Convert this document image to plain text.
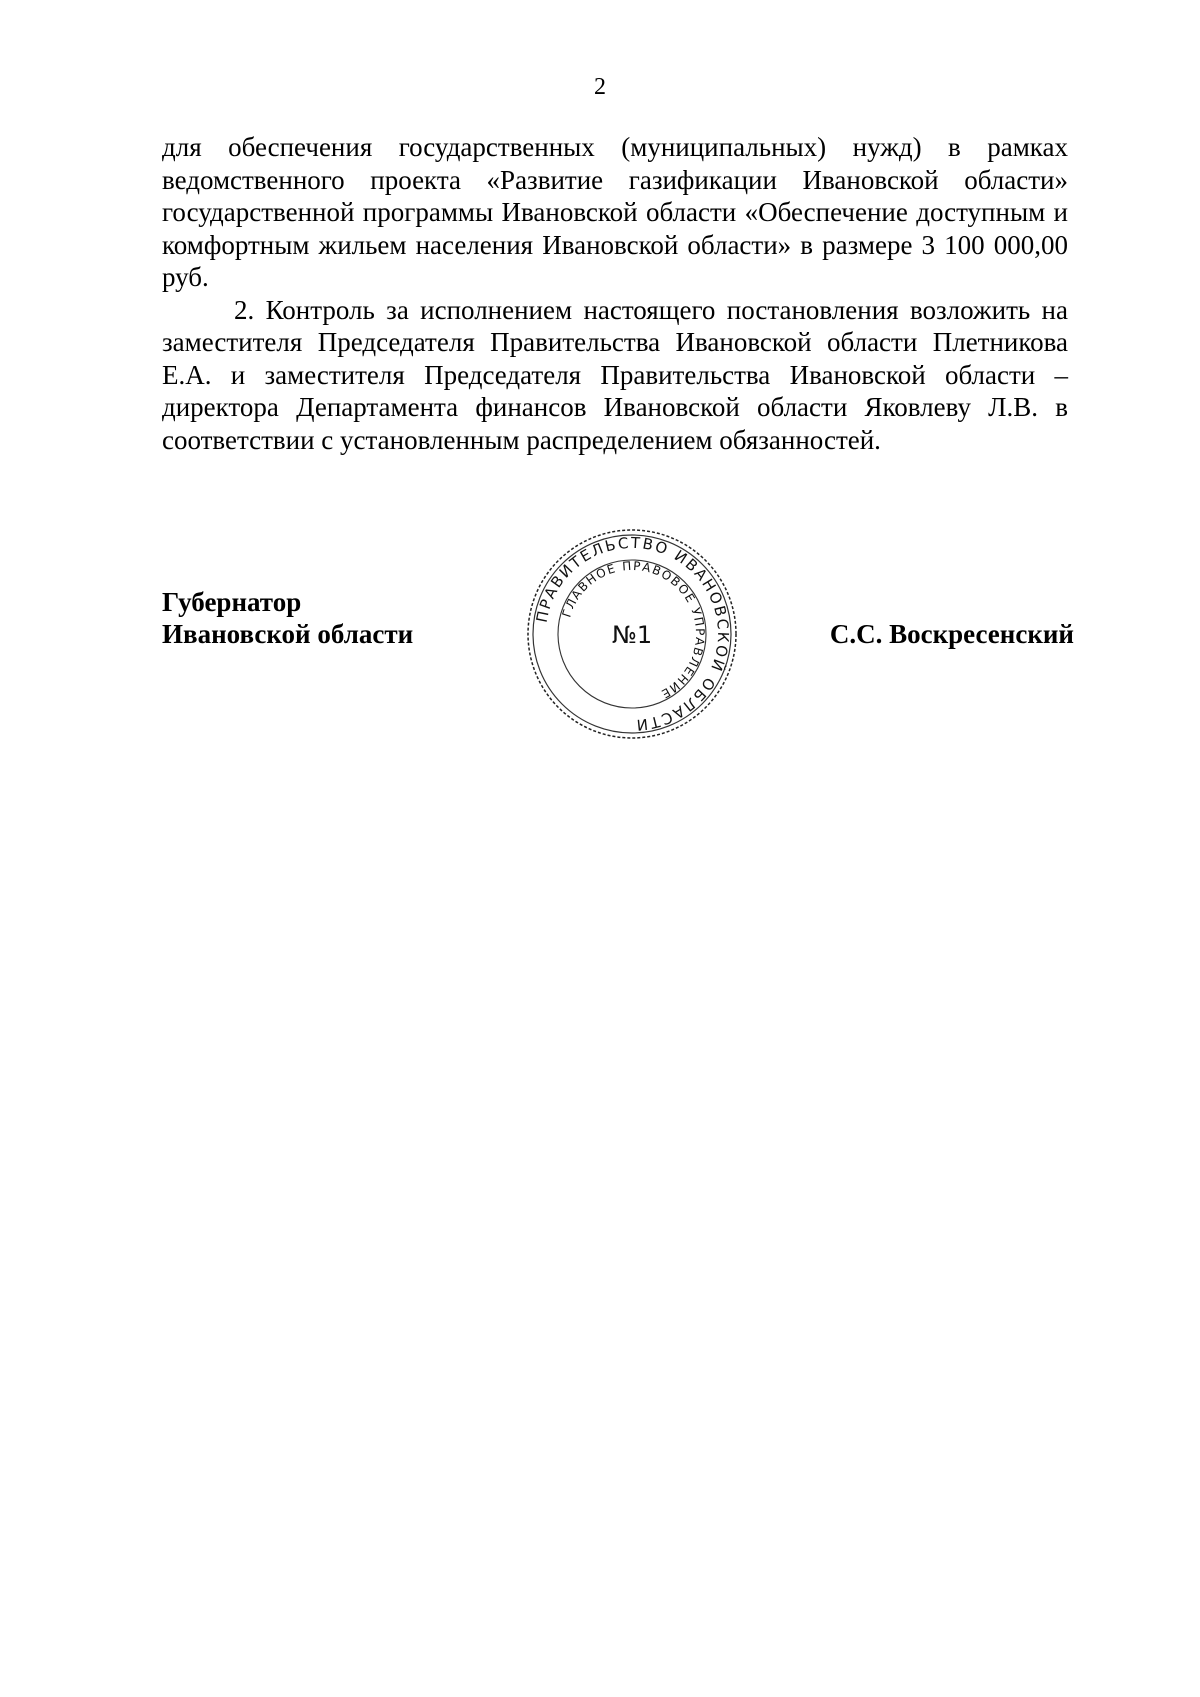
2

для обеспечения государственных (муниципальных) нужд) в рамках ведомственного проекта «Развитие газификации Ивановской области» государственной программы Ивановской области «Обеспечение доступным и комфортным жильем населения Ивановской области» в размере 3 100 000,00 руб.

2. Контроль за исполнением настоящего постановления возложить на заместителя Председателя Правительства Ивановской области Плетникова Е.А. и заместителя Председателя Правительства Ивановской области – директора Департамента финансов Ивановской области Яковлеву Л.В. в соответствии с установленным распределением обязанностей.

Губернатор
Ивановской области
ПРАВИТЕЛЬСТВО ИВАНОВСКОЙ ОБЛАСТИ
ГЛАВНОЕ ПРАВОВОЕ УПРАВЛЕНИЕ
№1	С.С. Воскресенский
